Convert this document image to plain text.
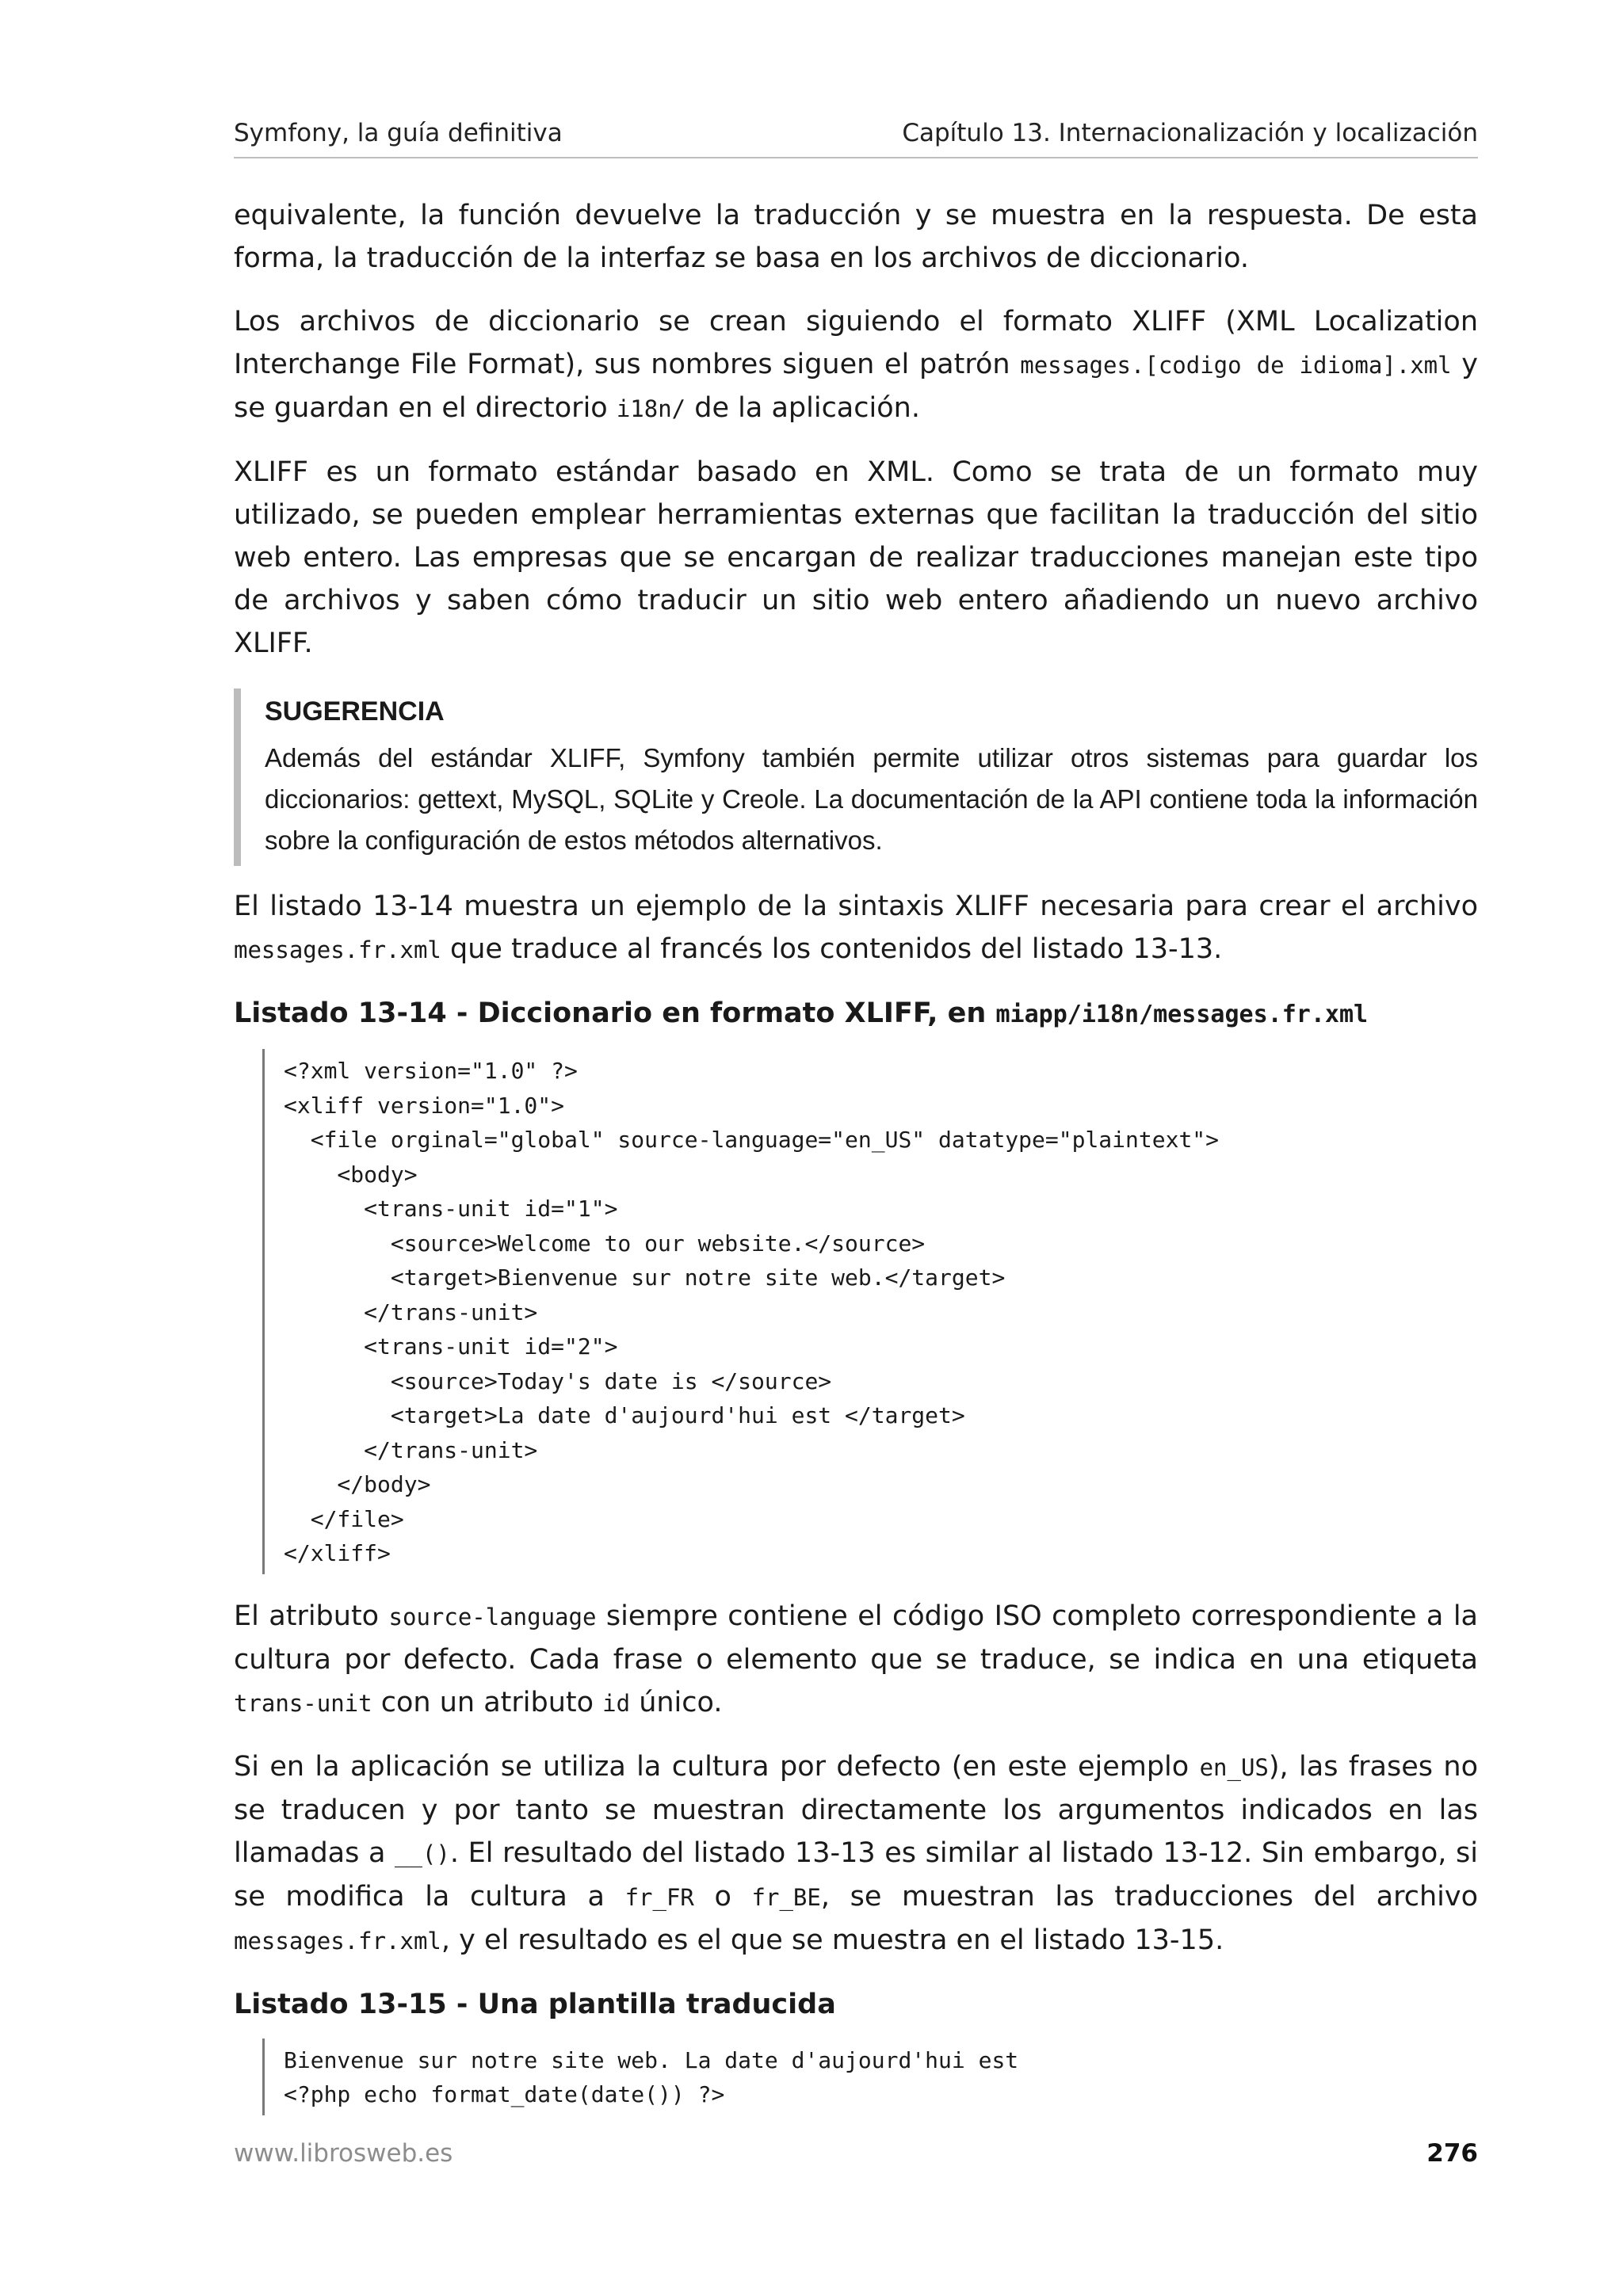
Symfony, la guía definitiva	Capítulo 13. Internacionalización y localización

equivalente, la función devuelve la traducción y se muestra en la respuesta. De esta forma, la traducción de la interfaz se basa en los archivos de diccionario.

Los archivos de diccionario se crean siguiendo el formato XLIFF (XML Localization Interchange File Format), sus nombres siguen el patrón messages.[codigo de idioma].xml y se guardan en el directorio i18n/ de la aplicación.

XLIFF es un formato estándar basado en XML. Como se trata de un formato muy utilizado, se pueden emplear herramientas externas que facilitan la traducción del sitio web entero. Las empresas que se encargan de realizar traducciones manejan este tipo de archivos y saben cómo traducir un sitio web entero añadiendo un nuevo archivo XLIFF.

SUGERENCIA
Además del estándar XLIFF, Symfony también permite utilizar otros sistemas para guardar los diccionarios: gettext, MySQL, SQLite y Creole. La documentación de la API contiene toda la información sobre la configuración de estos métodos alternativos.

El listado 13-14 muestra un ejemplo de la sintaxis XLIFF necesaria para crear el archivo messages.fr.xml que traduce al francés los contenidos del listado 13-13.

Listado 13-14 - Diccionario en formato XLIFF, en miapp/i18n/messages.fr.xml
<?xml version="1.0" ?>
<xliff version="1.0">
<file orginal="global" source-language="en_US" datatype="plaintext">
<body>
<trans-unit id="1">
<source>Welcome to our website.</source>
<target>Bienvenue sur notre site web.</target>
</trans-unit>
<trans-unit id="2">
<source>Today's date is </source>
<target>La date d'aujourd'hui est </target>
</trans-unit>
</body>
</file>
</xliff>

El atributo source-language siempre contiene el código ISO completo correspondiente a la cultura por defecto. Cada frase o elemento que se traduce, se indica en una etiqueta trans-unit con un atributo id único.

Si en la aplicación se utiliza la cultura por defecto (en este ejemplo en_US), las frases no se traducen y por tanto se muestran directamente los argumentos indicados en las llamadas a __(). El resultado del listado 13-13 es similar al listado 13-12. Sin embargo, si se modifica la cultura a fr_FR o fr_BE, se muestran las traducciones del archivo messages.fr.xml, y el resultado es el que se muestra en el listado 13-15.

Listado 13-15 - Una plantilla traducida
Bienvenue sur notre site web. La date d'aujourd'hui est
<?php echo format_date(date()) ?>
www.librosweb.es	276
